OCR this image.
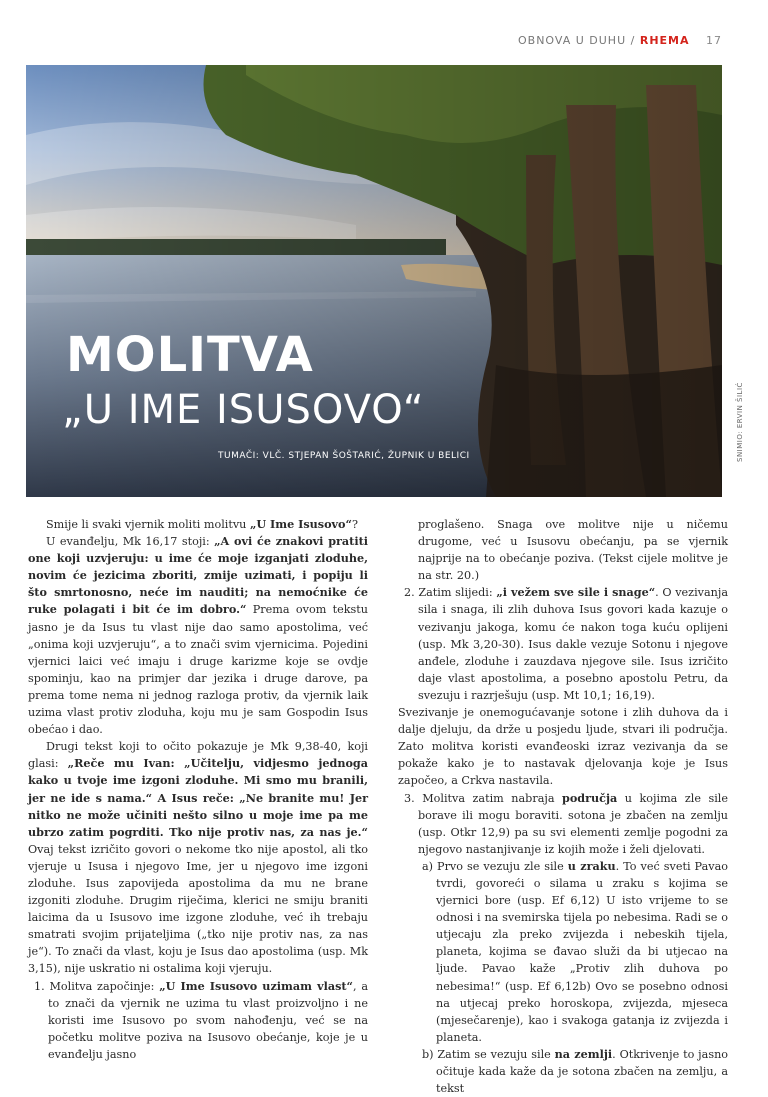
OBNOVA U DUHU / RHEMA 17
MOLITVA
„U IME ISUSOVO“
TUMAČI: VLČ. STJEPAN ŠOŠTARIĆ, ŽUPNIK U BELICI	SNIMIO: ERVIN ŠILIĆ

Smije li svaki vjernik moliti molitvu „U Ime Isusovo“?

U evanđelju, Mk 16,17 stoji: „A ovi će znakovi pratiti one koji uzvjeruju: u ime će moje izganjati zloduhe, novim će jezicima zboriti, zmije uzimati, i popiju li što smrtonosno, neće im nauditi; na nemoćnike će ruke polagati i bit će im dobro.“ Prema ovom tekstu jasno je da Isus tu vlast nije dao samo apostolima, već „onima koji uzvjeruju“, a to znači svim vjernicima. Pojedini vjernici laici već imaju i druge karizme koje se ovdje spominju, kao na primjer dar jezika i druge darove, pa prema tome nema ni jednog razloga protiv, da vjernik laik uzima vlast protiv zloduha, koju mu je sam Gospodin Isus obećao i dao.

Drugi tekst koji to očito pokazuje je Mk 9,38-40, koji glasi: „Reče mu Ivan: „Učitelju, vidjesmo jednoga kako u tvoje ime izgoni zloduhe. Mi smo mu branili, jer ne ide s nama.“ A Isus reče: „Ne branite mu! Jer nitko ne može učiniti nešto silno u moje ime pa me ubrzo zatim pogrditi. Tko nije protiv nas, za nas je.“ Ovaj tekst izričito govori o nekome tko nije apostol, ali tko vjeruje u Isusa i njegovo Ime, jer u njegovo ime izgoni zloduhe. Isus zapovijeda apostolima da mu ne brane izgoniti zloduhe. Drugim riječima, klerici ne smiju braniti laicima da u Isusovo ime izgone zloduhe, već ih trebaju smatrati svojim prijateljima („tko nije protiv nas, za nas je“). To znači da vlast, koju je Isus dao apostolima (usp. Mk 3,15), nije uskratio ni ostalima koji vjeruju.

1. Molitva započinje: „U Ime Isusovo uzimam vlast“, a to znači da vjernik ne uzima tu vlast proizvoljno i ne koristi ime Isusovo po svom nahođenju, već se na početku molitve poziva na Isusovo obećanje, koje je u evanđelju jasno

proglašeno. Snaga ove molitve nije u ničemu drugome, već u Isusovu obećanju, pa se vjernik najprije na to obećanje poziva. (Tekst cijele molitve je na str. 20.)

2. Zatim slijedi: „i vežem sve sile i snage“. O vezivanja sila i snaga, ili zlih duhova Isus govori kada kazuje o vezivanju jakoga, komu će nakon toga kuću oplijeni (usp. Mk 3,20-30). Isus dakle vezuje Sotonu i njegove anđele, zloduhe i zauzdava njegove sile. Isus izričito daje vlast apostolima, a posebno apostolu Petru, da svezuju i razrješuju (usp. Mt 10,1; 16,19).

Svezivanje je onemogućavanje sotone i zlih duhova da i dalje djeluju, da drže u posjedu ljude, stvari ili područja. Zato molitva koristi evanđeoski izraz vezivanja da se pokaže kako je to nastavak djelovanja koje je Isus započeo, a Crkva nastavila.

3. Molitva zatim nabraja područja u kojima zle sile borave ili mogu boraviti. sotona je zbačen na zemlju (usp. Otkr 12,9) pa su svi elementi zemlje pogodni za njegovo nastanjivanje iz kojih može i želi djelovati.

a) Prvo se vezuju zle sile u zraku. To već sveti Pavao tvrdi, govoreći o silama u zraku s kojima se vjernici bore (usp. Ef 6,12) U isto vrijeme to se odnosi i na svemirska tijela po nebesima. Radi se o utjecaju zla preko zvijezda i nebeskih tijela, planeta, kojima se đavao služi da bi utjecao na ljude. Pavao kaže „Protiv zlih duhova po nebesima!“ (usp. Ef 6,12b) Ovo se posebno odnosi na utjecaj preko horoskopa, zvijezda, mjeseca (mjesečarenje), kao i svakoga gatanja iz zvijezda i planeta.

b) Zatim se vezuju sile na zemlji. Otkrivenje to jasno očituje kada kaže da je sotona zbačen na zemlju, a tekst
